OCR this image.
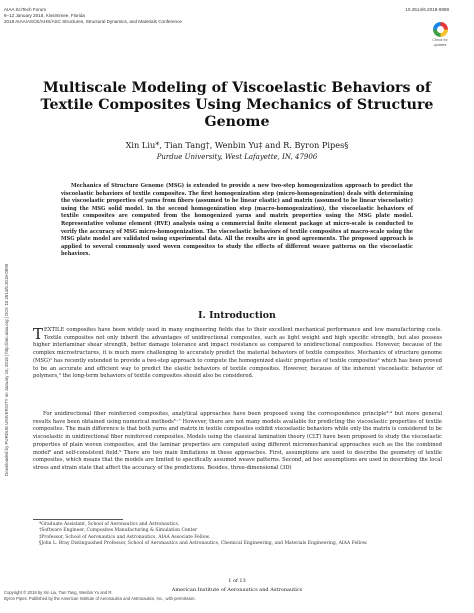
AIAA SciTech Forum
8–12 January 2018, Kissimmee, Florida
2018 AIAA/ASCE/AHS/ASC Structures, Structural Dynamics, and Materials Conference
10.2514/6.2018-0899
Check for
updates
Downloaded by PURDUE UNIVERSITY on January 15, 2018 | http://arc.aiaa.org | DOI: 10.2514/6.2018-0899
Multiscale Modeling of Viscoelastic Behaviors of Textile Composites Using Mechanics of Structure Genome
Xin Liu*, Tian Tang†, Wenbin Yu‡ and R. Byron Pipes§
Purdue University, West Lafayette, IN, 47906
Mechanics of Structure Genome (MSG) is extended to provide a new two-step homogenization approach to predict the viscoelastic behaviors of textile composites. The first homogenization step (micro-homogenization) deals with determining the viscoelastic properties of yarns from fibers (assumed to be linear elastic) and matrix (assumed to be linear viscoelastic) using the MSG solid model. In the second homogenization step (macro-homogenization), the viscoelastic behaviors of textile composites are computed from the homogenized yarns and matrix properties using the MSG plate model. Representative volume element (RVE) analysis using a commercial finite element package at micro-scale is conducted to verify the accuracy of MSG micro-homogenization. The viscoelastic behaviors of textile composites at macro-scale using the MSG plate model are validated using experimental data. All the results are in good agreements. The proposed approach is applied to several commonly used woven composites to study the effects of different weave patterns on the viscoelastic behaviors.
I. Introduction
TEXTILE composites have been widely used in many engineering fields due to their excellent mechanical performance and low manufacturing costs. Textile composites not only inherit the advantages of unidirectional composites, such as light weight and high specific strength, but also possess higher interlaminar shear strength, better damage tolerance and impact resistance as compared to unidirectional composites. However, because of the complex microstructures, it is much more challenging to accurately predict the material behaviors of textile composites. Mechanics of structure genome (MSG)¹ has recently extended to provide a two-step approach to compute the homogenized elastic properties of textile composites² which has been proved to be an accurate and efficient way to predict the elastic behaviors of textile composites. However, because of the inherent viscoelastic behavior of polymers,³ the long-term behaviors of textile composites should also be considered.
For unidirectional fiber reinforced composites, analytical approaches have been proposed using the correspondence principle³˒⁴ but more general results have been obtained using numerical methods⁵⁻⁷ However, there are not many models available for predicting the viscoelastic properties of textile composites. The main difference is that both yarns and matrix in textile composites exhibit viscoelastic behaviors while only the matrix is considered to be viscoelastic in unidirectional fiber reinforced composites. Models using the classical lamination theory (CLT) have been proposed to study the viscoelastic properties of plain woven composites, and the laminar properties are computed using different micromechanical approaches such as the the combined model⁸ and self-consistent field.⁹ There are two main limitations in these approaches. First, assumptions are used to describe the geometry of textile composites, which means that the models are limited to specifically assumed weave patterns. Second, ad hoc assumptions are used in describing the local stress and strain state that affect the accuracy of the predictions. Besides, three-dimensional (3D)
*Graduate Assistant, School of Aeronautics and Astronautics.
†Software Engineer, Composites Manufacturing & Simulation Center
‡Professor, School of Aeronautics and Astronautics, AIAA Associate Fellow.
§John L. Bray Distinguished Professor, School of Aeronautics and Astronautics, Chemical Engineering, and Materials Engineering, AIAA Fellow.
1 of 13
American Institute of Aeronautics and Astronautics
Copyright © 2018 by Xin Liu, Tian Tang, Wenbin Yu and R.
Byron Pipes. Published by the American Institute of Aeronautics and Astronautics, Inc., with permission.
